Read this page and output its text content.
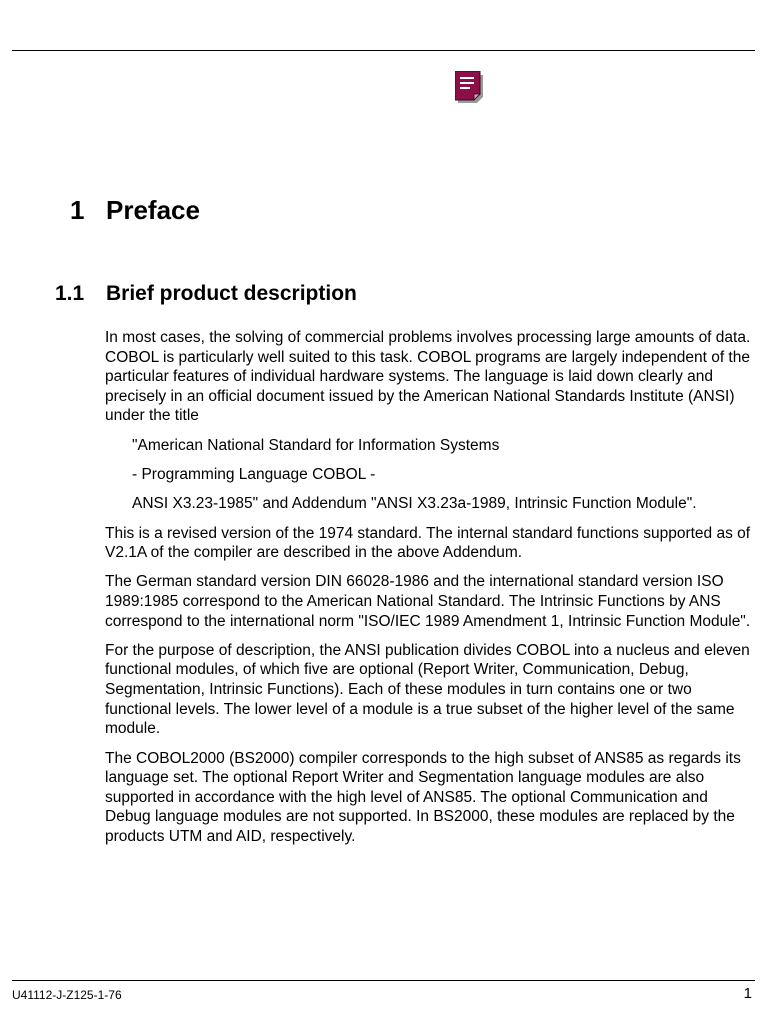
1 Preface
1.1 Brief product description

In most cases, the solving of commercial problems involves processing large amounts of data. COBOL is particularly well suited to this task. COBOL programs are largely independent of the particular features of individual hardware systems. The language is laid down clearly and precisely in an official document issued by the American National Standards Institute (ANSI) under the title

"American National Standard for Information Systems

- Programming Language COBOL -

ANSI X3.23-1985" and Addendum "ANSI X3.23a-1989, Intrinsic Function Module".

This is a revised version of the 1974 standard. The internal standard functions supported as of V2.1A of the compiler are described in the above Addendum.

The German standard version DIN 66028-1986 and the international standard version ISO 1989:1985 correspond to the American National Standard. The Intrinsic Functions by ANS correspond to the international norm "ISO/IEC 1989 Amendment 1, Intrinsic Function Module".

For the purpose of description, the ANSI publication divides COBOL into a nucleus and eleven functional modules, of which five are optional (Report Writer, Communication, Debug, Segmentation, Intrinsic Functions). Each of these modules in turn contains one or two functional levels. The lower level of a module is a true subset of the higher level of the same module.

The COBOL2000 (BS2000) compiler corresponds to the high subset of ANS85 as regards its language set. The optional Report Writer and Segmentation language modules are also supported in accordance with the high level of ANS85. The optional Communication and Debug language modules are not supported. In BS2000, these modules are replaced by the products UTM and AID, respectively.

U41112-J-Z125-1-76	1
